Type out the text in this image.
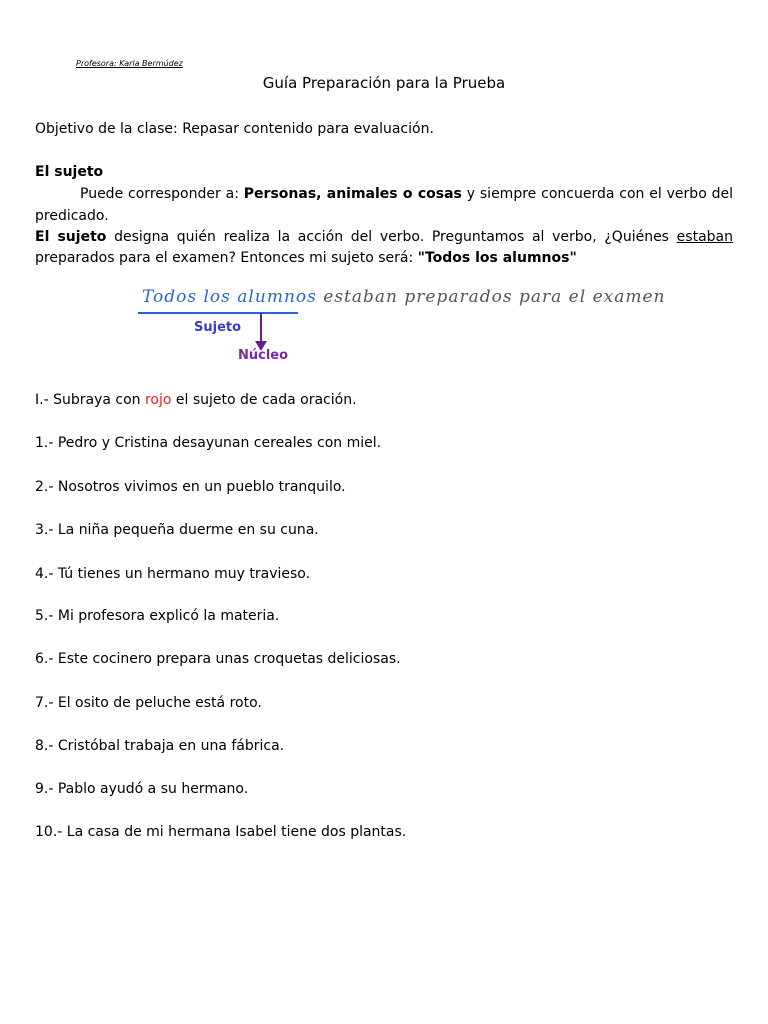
Profesora: Karla Bermúdez
Guía Preparación para la Prueba
Objetivo de la clase: Repasar contenido para evaluación.
El sujeto
Puede corresponder a: Personas, animales o cosas y siempre concuerda con el verbo del
predicado.
El sujeto designa quién realiza la acción del verbo. Preguntamos al verbo, ¿Quiénes estaban
preparados para el examen? Entonces mi sujeto será: "Todos los alumnos"
Todos los alumnos estaban preparados para el examen
Sujeto
Núcleo
I.- Subraya con rojo el sujeto de cada oración.
1.- Pedro y Cristina desayunan cereales con miel.
2.- Nosotros vivimos en un pueblo tranquilo.
3.- La niña pequeña duerme en su cuna.
4.- Tú tienes un hermano muy travieso.
5.- Mi profesora explicó la materia.
6.- Este cocinero prepara unas croquetas deliciosas.
7.- El osito de peluche está roto.
8.- Cristóbal trabaja en una fábrica.
9.- Pablo ayudó a su hermano.
10.- La casa de mi hermana Isabel tiene dos plantas.
